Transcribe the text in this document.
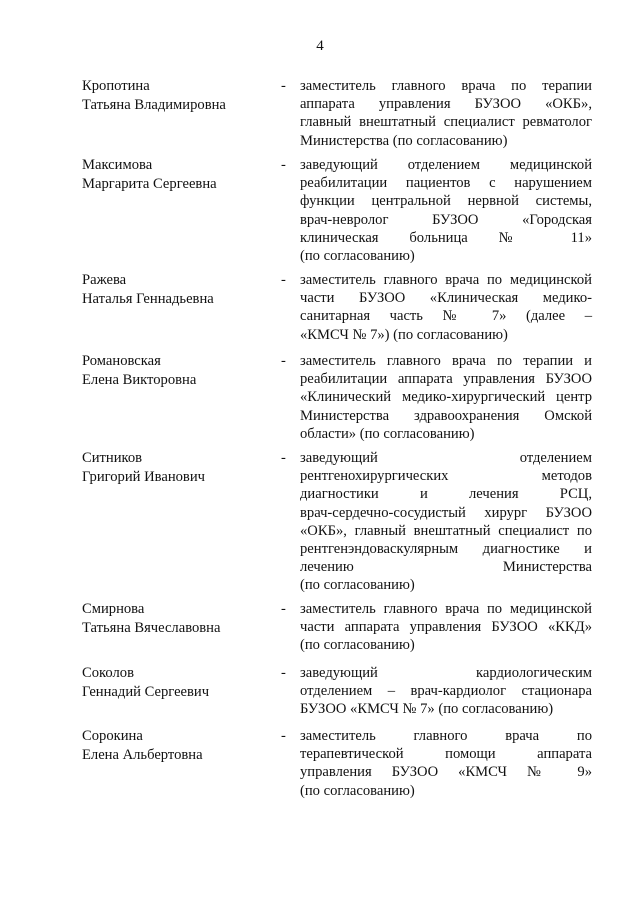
4
Кропотина
Татьяна Владимировна
- заместитель главного врача по терапии
аппарата управления БУЗОО «ОКБ»,
главный внештатный специалист ревматолог
Министерства (по согласованию)
Максимова
Маргарита Сергеевна
- заведующий отделением медицинской
реабилитации пациентов с нарушением
функции центральной нервной системы,
врач-невролог БУЗОО «Городская
клиническая больница № 11»
(по согласованию)
Ражева
Наталья Геннадьевна
- заместитель главного врача по медицинской
части БУЗОО «Клиническая медико-
санитарная часть № 7» (далее –
«КМСЧ № 7») (по согласованию)
Романовская
Елена Викторовна
- заместитель главного врача по терапии и
реабилитации аппарата управления БУЗОО
«Клинический медико-хирургический центр
Министерства здравоохранения Омской
области» (по согласованию)
Ситников
Григорий Иванович
- заведующий отделением
рентгенохирургических методов
диагностики и лечения РСЦ,
врач-сердечно-сосудистый хирург БУЗОО
«ОКБ», главный внештатный специалист по
рентгенэндоваскулярным диагностике и
лечению Министерства
(по согласованию)
Смирнова
Татьяна Вячеславовна
- заместитель главного врача по медицинской
части аппарата управления БУЗОО «ККД»
(по согласованию)
Соколов
Геннадий Сергеевич
- заведующий кардиологическим
отделением – врач-кардиолог стационара
БУЗОО «КМСЧ № 7» (по согласованию)
Сорокина
Елена Альбертовна
- заместитель главного врача по
терапевтической помощи аппарата
управления БУЗОО «КМСЧ № 9»
(по согласованию)
